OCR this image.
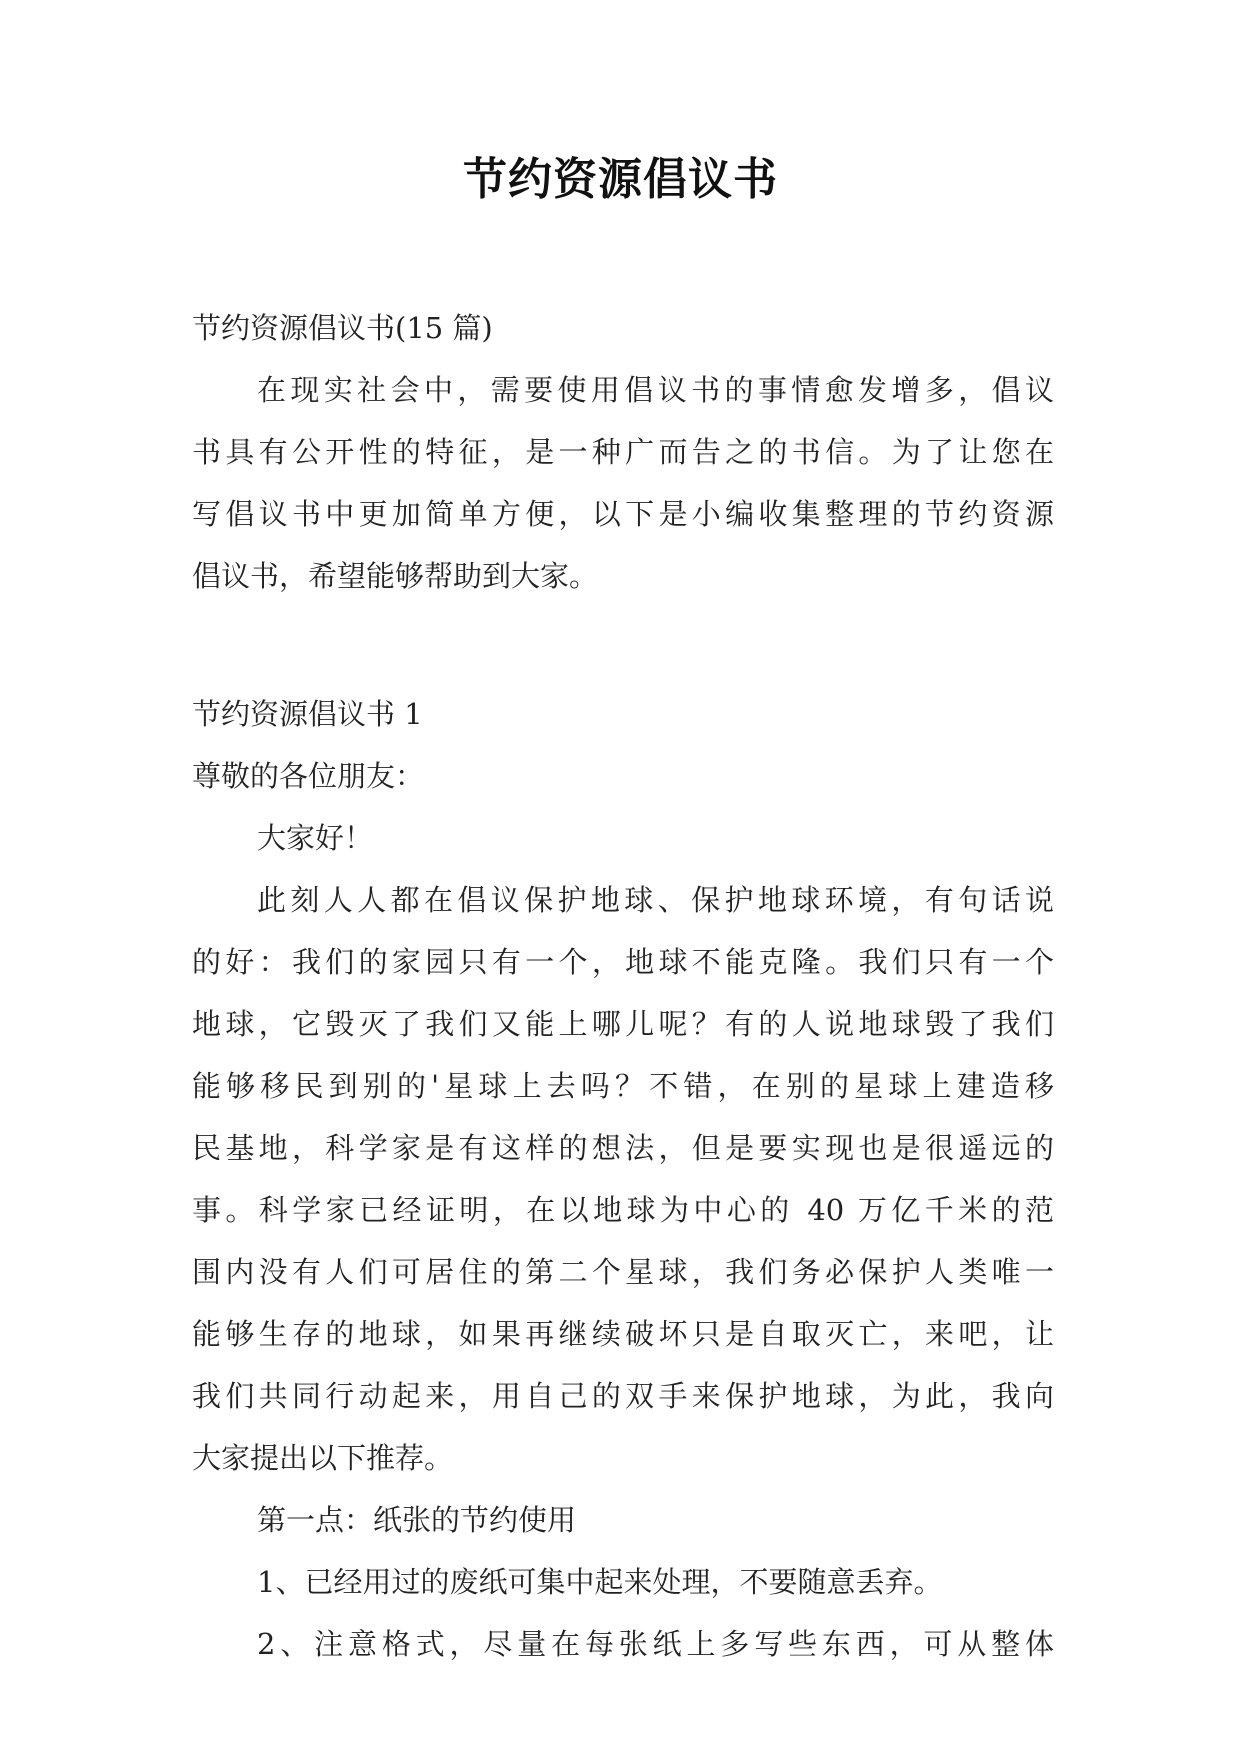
节约资源倡议书
节约资源倡议书(15 篇)
在现实社会中，需要使用倡议书的事情愈发增多，倡议
书具有公开性的特征，是一种广而告之的书信。为了让您在
写倡议书中更加简单方便，以下是小编收集整理的节约资源
倡议书，希望能够帮助到大家。
节约资源倡议书 1
尊敬的各位朋友：
大家好！
此刻人人都在倡议保护地球、保护地球环境，有句话说
的好：我们的家园只有一个，地球不能克隆。我们只有一个
地球，它毁灭了我们又能上哪儿呢？有的人说地球毁了我们
能够移民到别的'星球上去吗？不错，在别的星球上建造移
民基地，科学家是有这样的想法，但是要实现也是很遥远的
事。科学家已经证明，在以地球为中心的 40 万亿千米的范
围内没有人们可居住的第二个星球，我们务必保护人类唯一
能够生存的地球，如果再继续破坏只是自取灭亡，来吧，让
我们共同行动起来，用自己的双手来保护地球，为此，我向
大家提出以下推荐。
第一点：纸张的节约使用
1、已经用过的废纸可集中起来处理，不要随意丢弃。
2、注意格式，尽量在每张纸上多写些东西，可从整体
